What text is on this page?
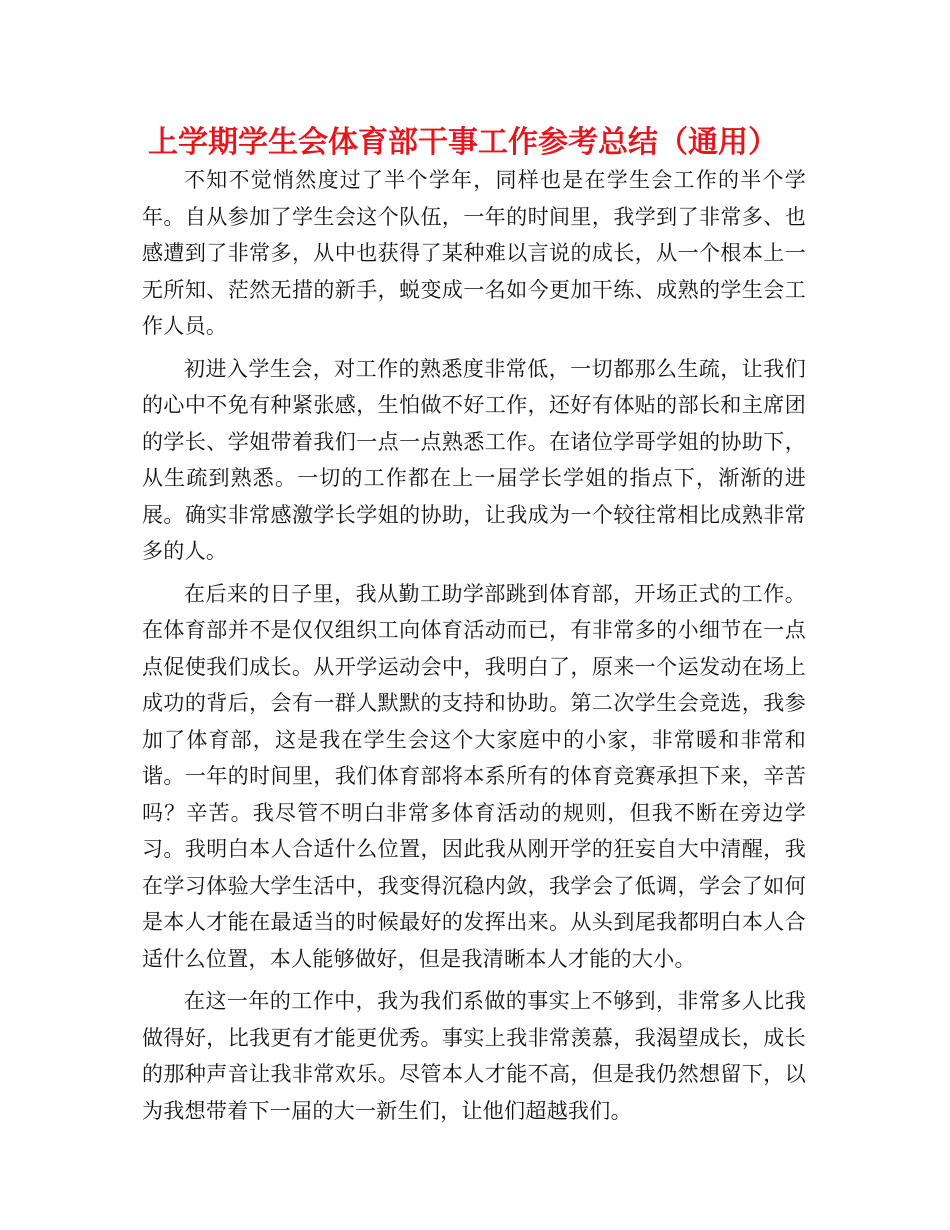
上学期学生会体育部干事工作参考总结（通用）

不知不觉悄然度过了半个学年，同样也是在学生会工作的半个学年。自从参加了学生会这个队伍，一年的时间里，我学到了非常多、也感遭到了非常多，从中也获得了某种难以言说的成长，从一个根本上一无所知、茫然无措的新手，蜕变成一名如今更加干练、成熟的学生会工作人员。

初进入学生会，对工作的熟悉度非常低，一切都那么生疏，让我们的心中不免有种紧张感，生怕做不好工作，还好有体贴的部长和主席团的学长、学姐带着我们一点一点熟悉工作。在诸位学哥学姐的协助下，从生疏到熟悉。一切的工作都在上一届学长学姐的指点下，渐渐的进展。确实非常感激学长学姐的协助，让我成为一个较往常相比成熟非常多的人。

在后来的日子里，我从勤工助学部跳到体育部，开场正式的工作。在体育部并不是仅仅组织工向体育活动而已，有非常多的小细节在一点点促使我们成长。从开学运动会中，我明白了，原来一个运发动在场上成功的背后，会有一群人默默的支持和协助。第二次学生会竞选，我参加了体育部，这是我在学生会这个大家庭中的小家，非常暖和非常和谐。一年的时间里，我们体育部将本系所有的体育竞赛承担下来，辛苦吗？辛苦。我尽管不明白非常多体育活动的规则，但我不断在旁边学习。我明白本人合适什么位置，因此我从刚开学的狂妄自大中清醒，我在学习体验大学生活中，我变得沉稳内敛，我学会了低调，学会了如何是本人才能在最适当的时候最好的发挥出来。从头到尾我都明白本人合适什么位置，本人能够做好，但是我清晰本人才能的大小。

在这一年的工作中，我为我们系做的事实上不够到，非常多人比我做得好，比我更有才能更优秀。事实上我非常羡慕，我渴望成长，成长的那种声音让我非常欢乐。尽管本人才能不高，但是我仍然想留下，以为我想带着下一届的大一新生们，让他们超越我们。
